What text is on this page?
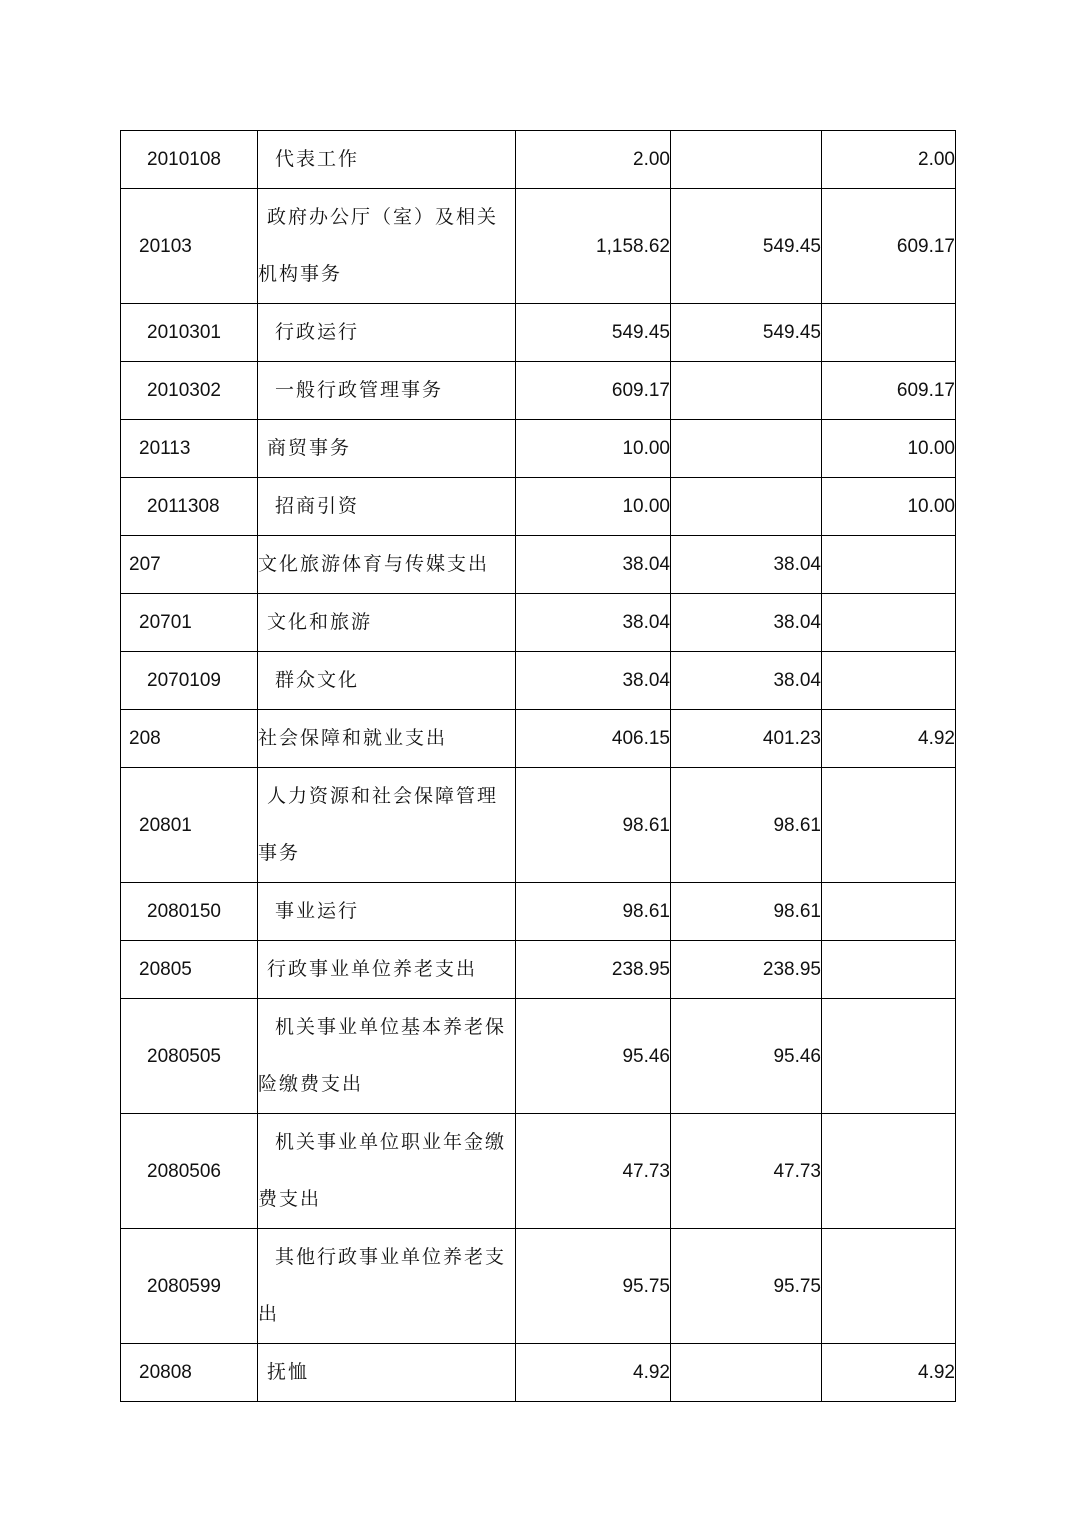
2010108	代表工作	2.00		2.00
20103	政府办公厅（室）及相关机构事务	1,158.62	549.45	609.17
2010301	行政运行	549.45	549.45	
2010302	一般行政管理事务	609.17		609.17
20113	商贸事务	10.00		10.00
2011308	招商引资	10.00		10.00
207	文化旅游体育与传媒支出	38.04	38.04	
20701	文化和旅游	38.04	38.04	
2070109	群众文化	38.04	38.04	
208	社会保障和就业支出	406.15	401.23	4.92
20801	人力资源和社会保障管理事务	98.61	98.61	
2080150	事业运行	98.61	98.61	
20805	行政事业单位养老支出	238.95	238.95	
2080505	机关事业单位基本养老保险缴费支出	95.46	95.46	
2080506	机关事业单位职业年金缴费支出	47.73	47.73	
2080599	其他行政事业单位养老支出	95.75	95.75	
20808	抚恤	4.92		4.92
